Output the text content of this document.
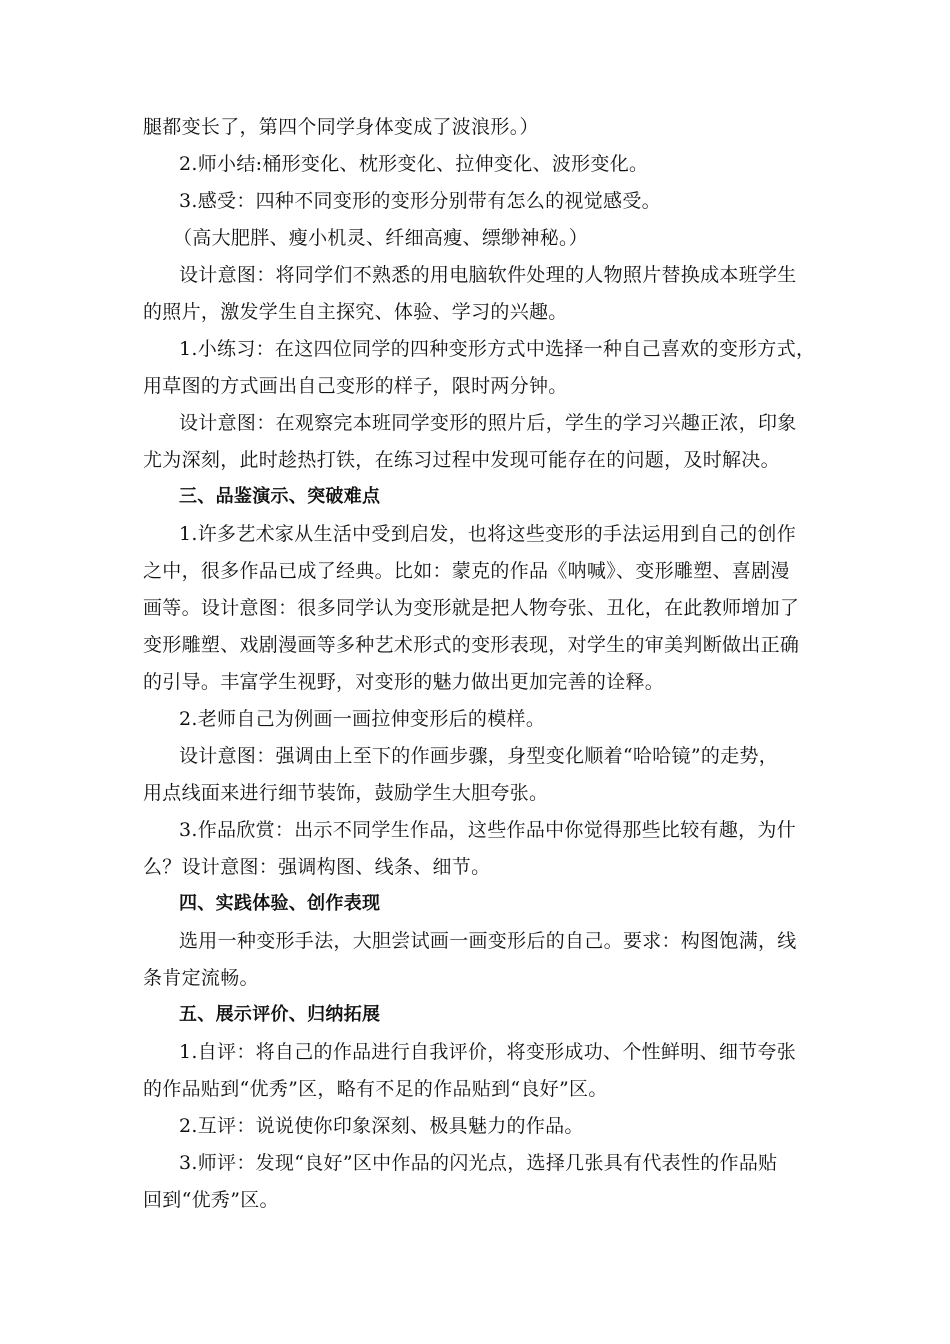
腿都变长了，第四个同学身体变成了波浪形。）
2.师小结:桶形变化、枕形变化、拉伸变化、波形变化。
3.感受：四种不同变形的变形分别带有怎么的视觉感受。
（高大肥胖、瘦小机灵、纤细高瘦、缥缈神秘。）
设计意图：将同学们不熟悉的用电脑软件处理的人物照片替换成本班学生
的照片，激发学生自主探究、体验、学习的兴趣。
1.小练习：在这四位同学的四种变形方式中选择一种自己喜欢的变形方式，
用草图的方式画出自己变形的样子，限时两分钟。
设计意图：在观察完本班同学变形的照片后，学生的学习兴趣正浓，印象
尤为深刻，此时趁热打铁，在练习过程中发现可能存在的问题，及时解决。
三、品鉴演示、突破难点
1.许多艺术家从生活中受到启发，也将这些变形的手法运用到自己的创作
之中，很多作品已成了经典。比如：蒙克的作品《呐喊》、变形雕塑、喜剧漫
画等。设计意图：很多同学认为变形就是把人物夸张、丑化，在此教师增加了
变形雕塑、戏剧漫画等多种艺术形式的变形表现，对学生的审美判断做出正确
的引导。丰富学生视野，对变形的魅力做出更加完善的诠释。
2.老师自己为例画一画拉伸变形后的模样。
设计意图：强调由上至下的作画步骤，身型变化顺着“哈哈镜”的走势，
用点线面来进行细节装饰，鼓励学生大胆夸张。
3.作品欣赏：出示不同学生作品，这些作品中你觉得那些比较有趣，为什
么？设计意图：强调构图、线条、细节。
四、实践体验、创作表现
选用一种变形手法，大胆尝试画一画变形后的自己。要求：构图饱满，线
条肯定流畅。
五、展示评价、归纳拓展
1.自评：将自己的作品进行自我评价，将变形成功、个性鲜明、细节夸张
的作品贴到“优秀”区，略有不足的作品贴到“良好”区。
2.互评：说说使你印象深刻、极具魅力的作品。
3.师评：发现“良好”区中作品的闪光点，选择几张具有代表性的作品贴
回到“优秀”区。
